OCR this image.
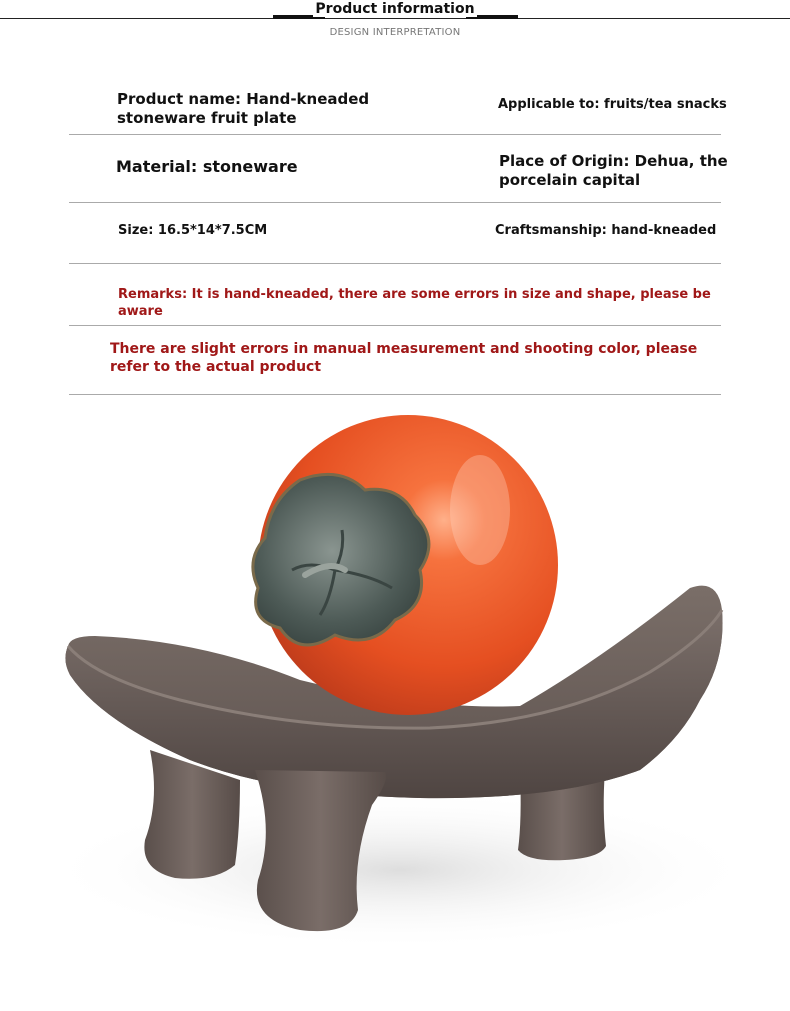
Product information
DESIGN INTERPRETATION
Product name: Hand-kneaded stoneware fruit plate
Applicable to: fruits/tea snacks
Material: stoneware	Place of Origin: Dehua, the porcelain capital
Size: 16.5*14*7.5CM	Craftsmanship: hand-kneaded
Remarks: It is hand-kneaded, there are some errors in size and shape, please be aware
There are slight errors in manual measurement and shooting color, please refer to the actual product
